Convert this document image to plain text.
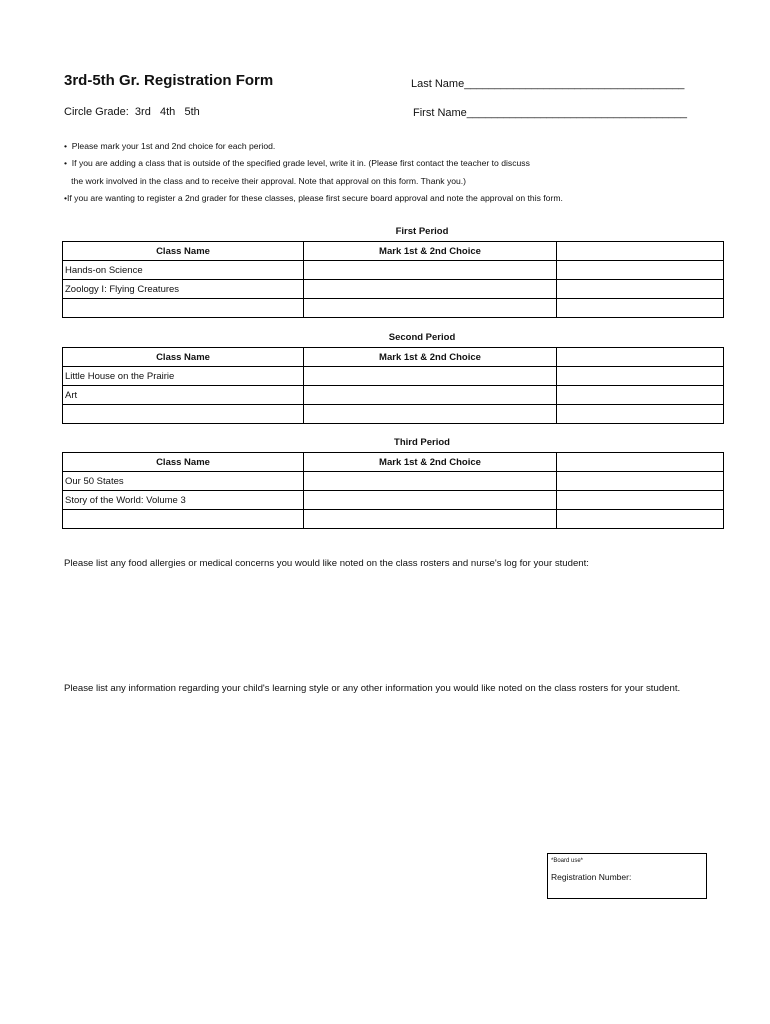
3rd-5th Gr. Registration Form	Last Name____________________________________
First Name____________________________________
Circle Grade: 3rd 4th 5th
•  Please mark your 1st and 2nd choice for each period.
•  If you are adding a class that is outside of the specified grade level, write it in. (Please first contact the teacher to discuss
the work involved in the class and to receive their approval. Note that approval on this form. Thank you.)
•If you are wanting to register a 2nd grader for these classes, please first secure board approval and note the approval on this form.
First Period
Class Name	Mark 1st & 2nd Choice	
Hands-on Science		
Zoology I: Flying Creatures		

Second Period
Class Name	Mark 1st & 2nd Choice	
Little House on the Prairie		
Art		

Third Period
Class Name	Mark 1st & 2nd Choice	
Our 50 States		
Story of the World: Volume 3		

Please list any food allergies or medical concerns you would like noted on the class rosters and nurse's log for your student:
Please list any information regarding your child's learning style or any other information you would like noted on the class rosters for your student.
*Board use*
Registration Number:
